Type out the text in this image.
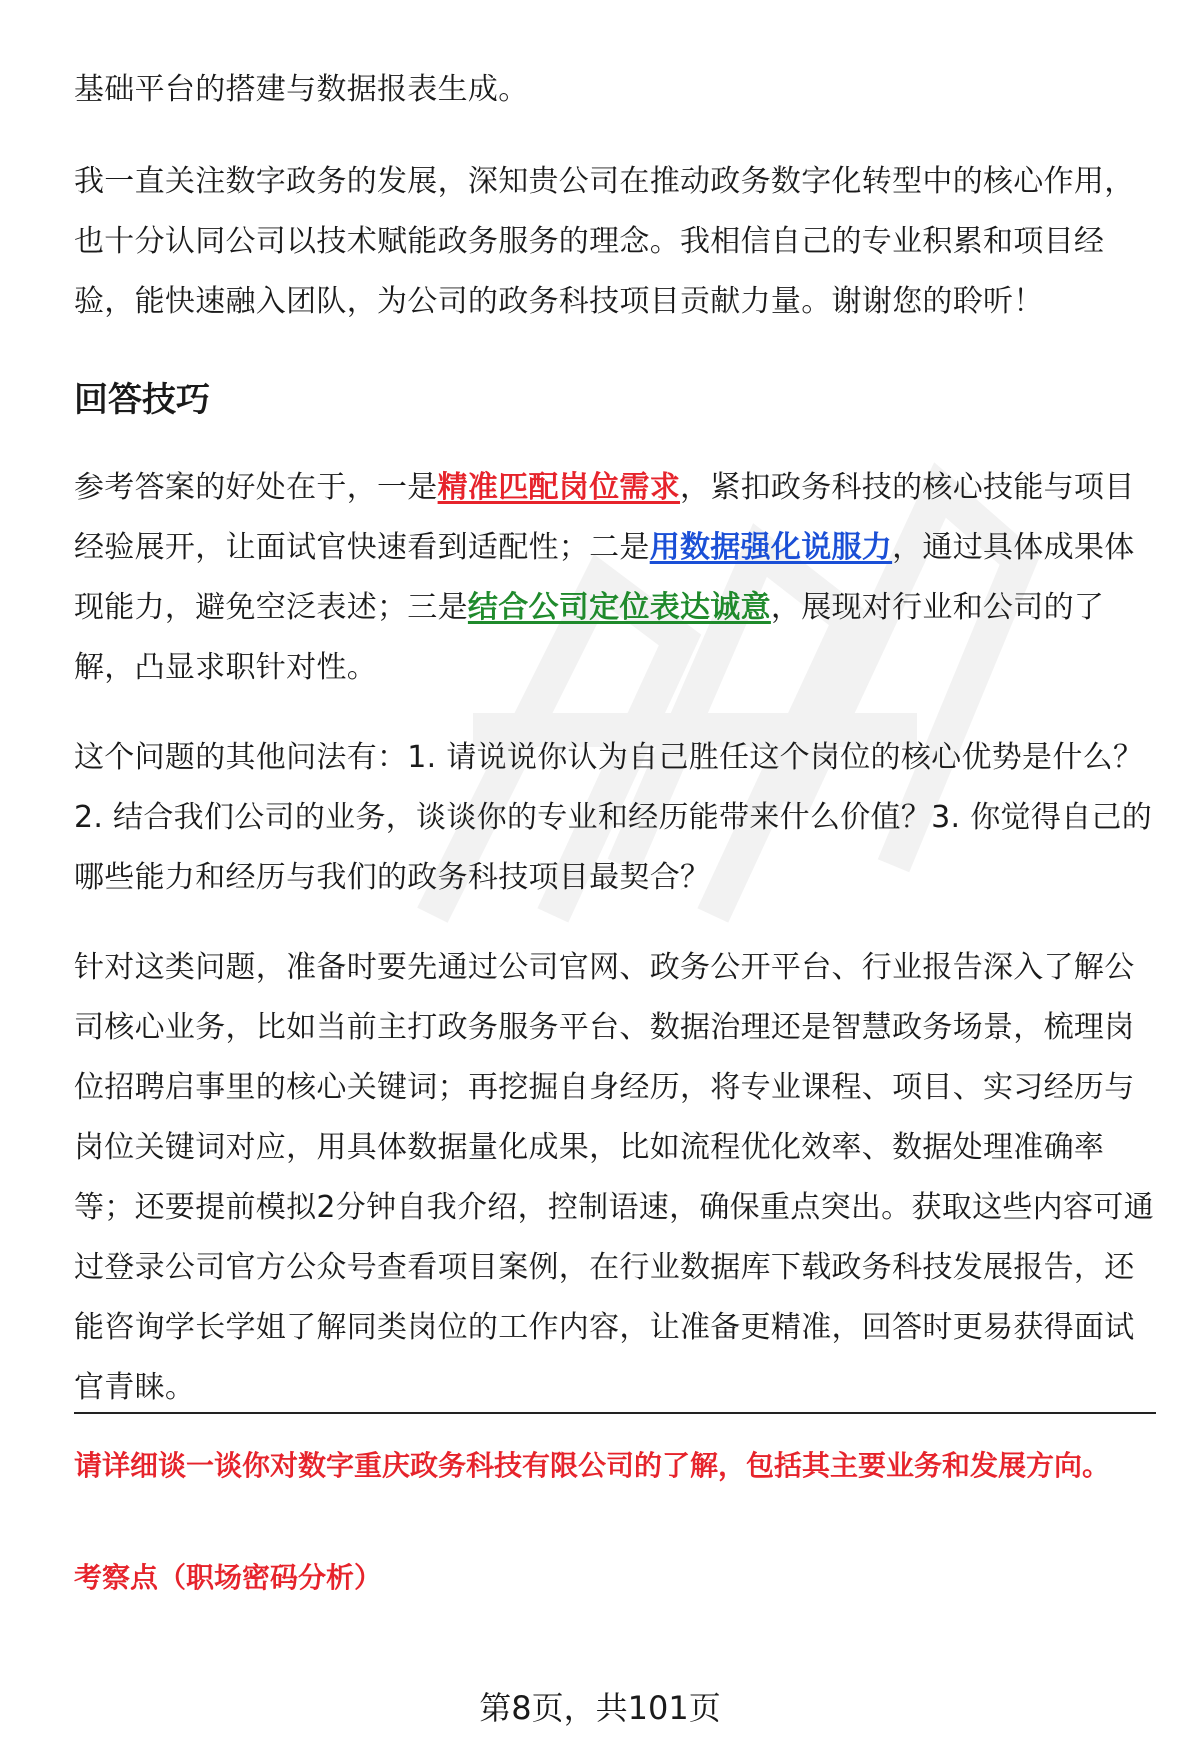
基础平台的搭建与数据报表生成。

我一直关注数字政务的发展，深知贵公司在推动政务数字化转型中的核心作用，也十分认同公司以技术赋能政务服务的理念。我相信自己的专业积累和项目经验，能快速融入团队，为公司的政务科技项目贡献力量。谢谢您的聆听！

回答技巧

参考答案的好处在于，一是精准匹配岗位需求，紧扣政务科技的核心技能与项目经验展开，让面试官快速看到适配性；二是用数据强化说服力，通过具体成果体现能力，避免空泛表述；三是结合公司定位表达诚意，展现对行业和公司的了解，凸显求职针对性。

这个问题的其他问法有：1. 请说说你认为自己胜任这个岗位的核心优势是什么？2. 结合我们公司的业务，谈谈你的专业和经历能带来什么价值？3. 你觉得自己的哪些能力和经历与我们的政务科技项目最契合？

针对这类问题，准备时要先通过公司官网、政务公开平台、行业报告深入了解公司核心业务，比如当前主打政务服务平台、数据治理还是智慧政务场景，梳理岗位招聘启事里的核心关键词；再挖掘自身经历，将专业课程、项目、实习经历与岗位关键词对应，用具体数据量化成果，比如流程优化效率、数据处理准确率等；还要提前模拟2分钟自我介绍，控制语速，确保重点突出。获取这些内容可通过登录公司官方公众号查看项目案例，在行业数据库下载政务科技发展报告，还能咨询学长学姐了解同类岗位的工作内容，让准备更精准，回答时更易获得面试官青睐。

请详细谈一谈你对数字重庆政务科技有限公司的了解，包括其主要业务和发展方向。

考察点（职场密码分析）

第8页，共101页
